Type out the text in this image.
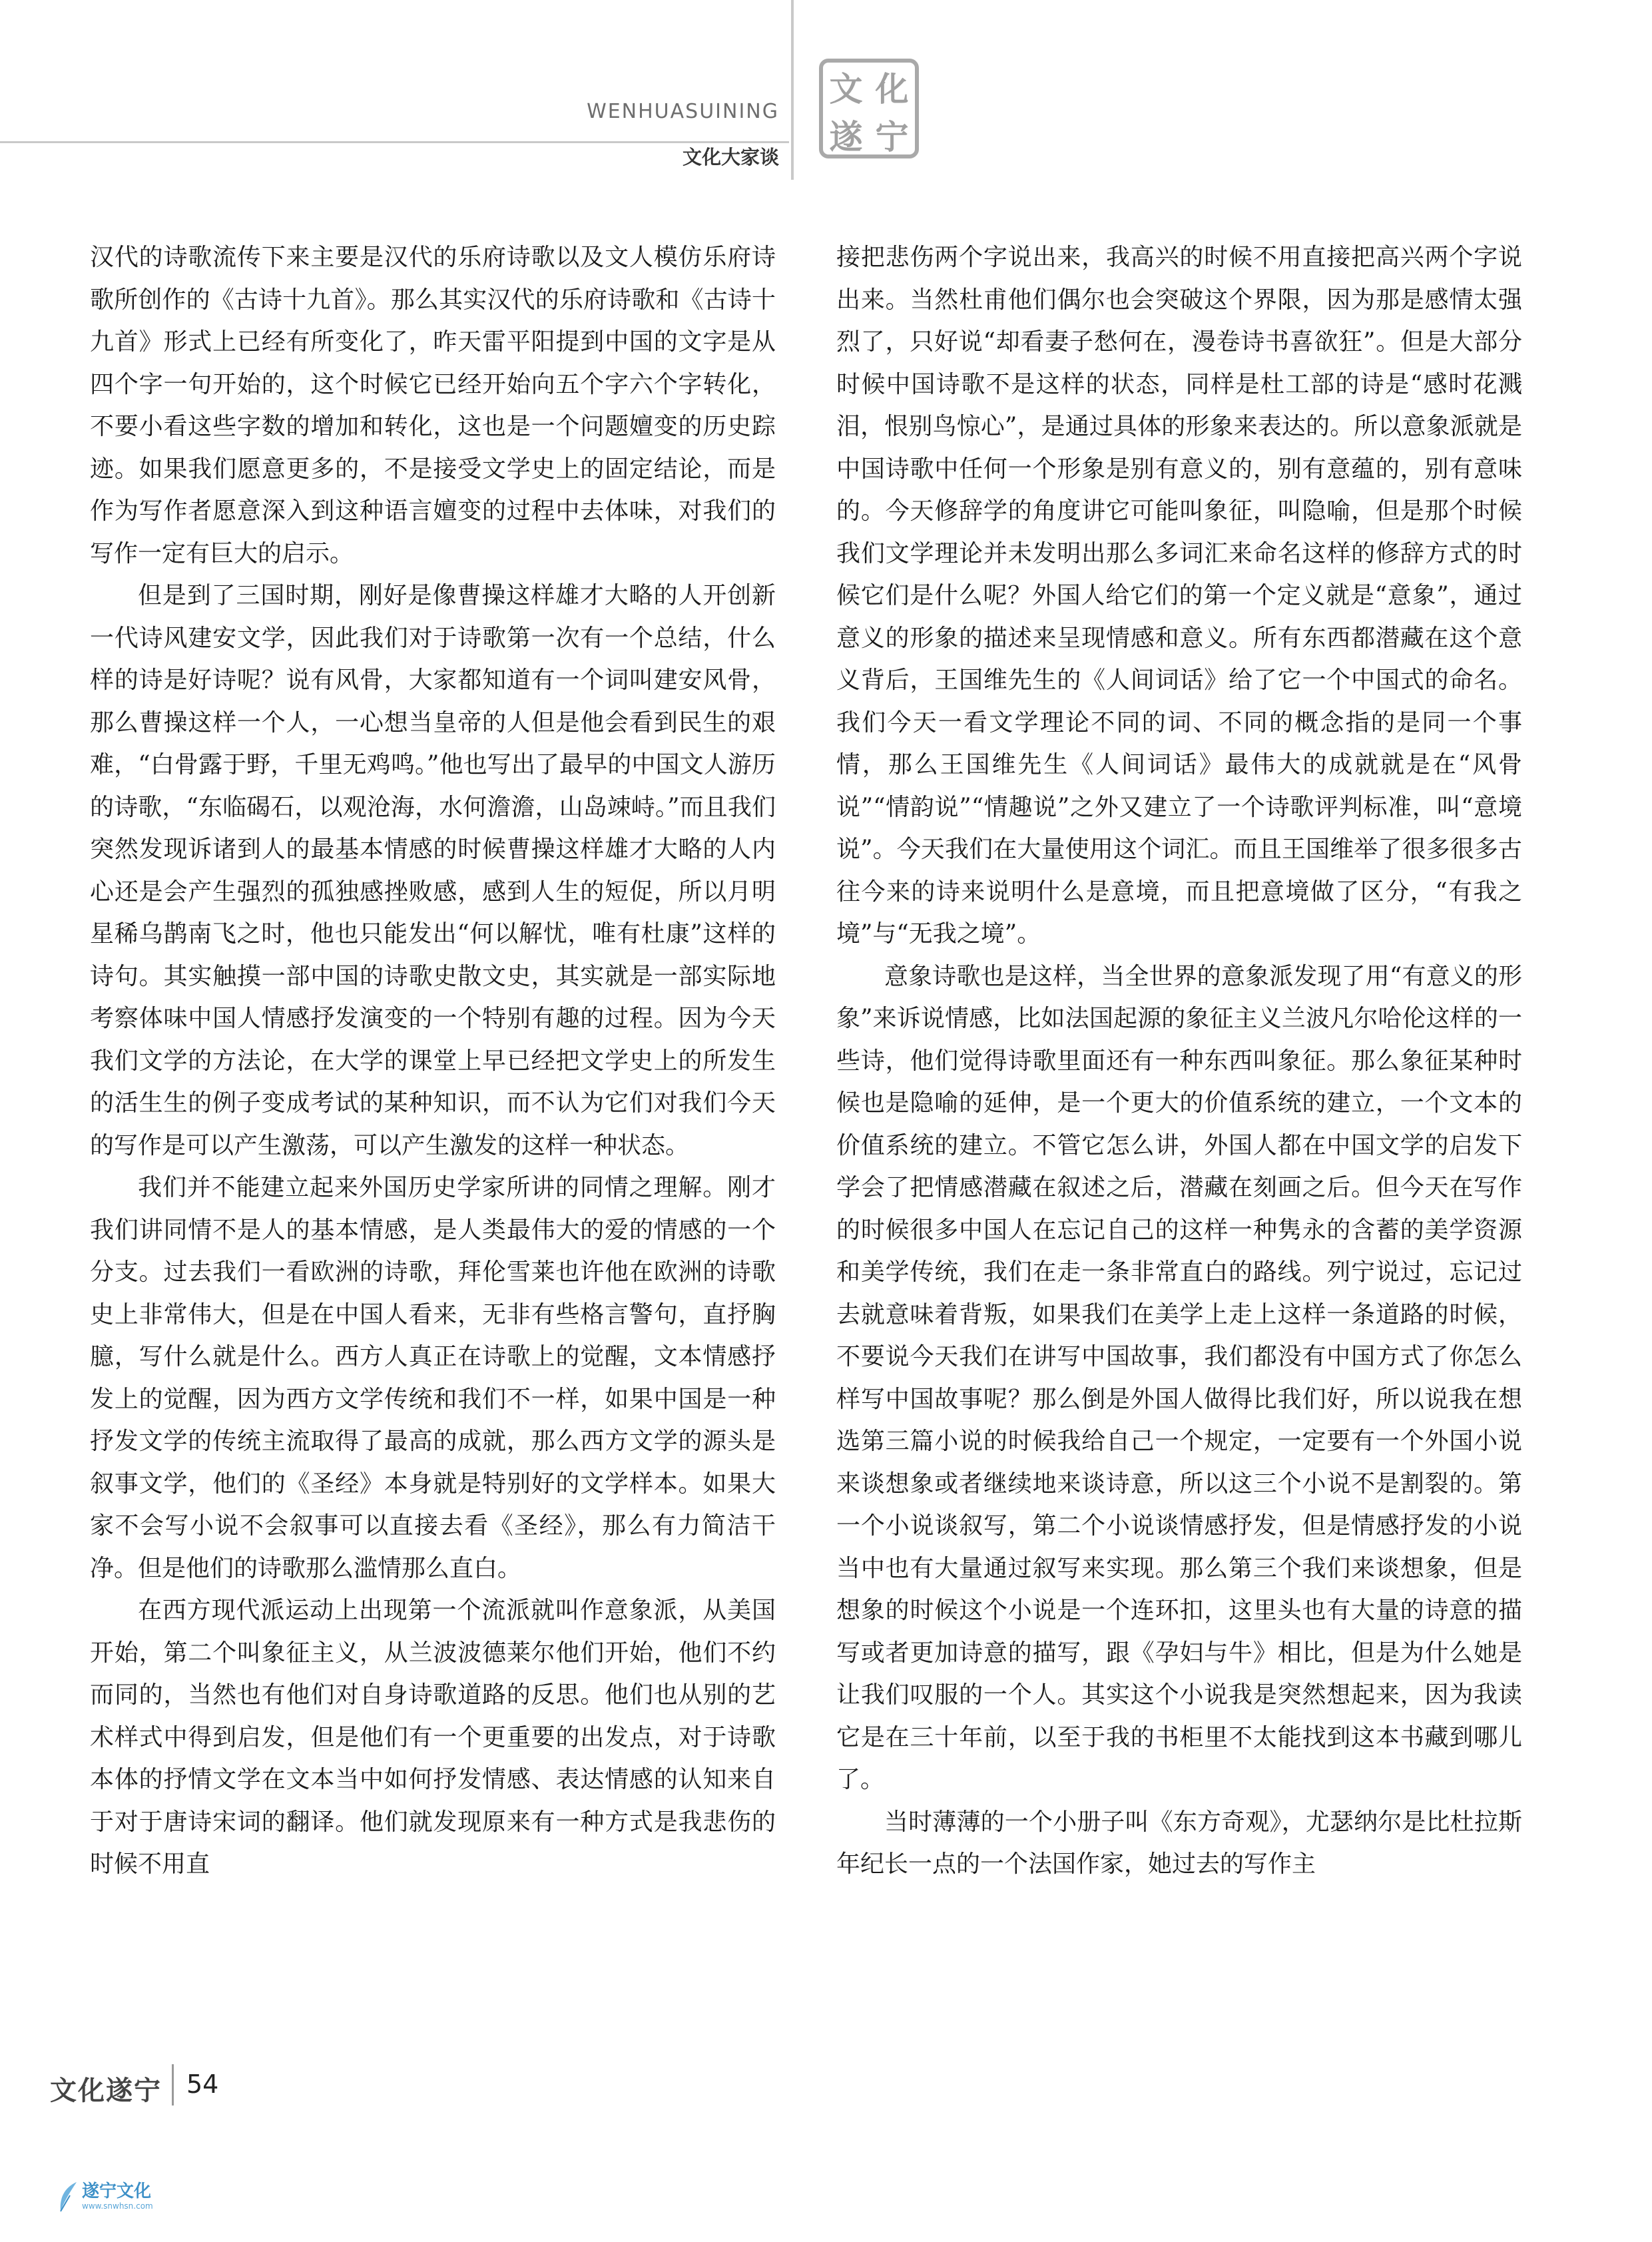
WENHUASUINING
文化大家谈
文 化
遂 宁

汉代的诗歌流传下来主要是汉代的乐府诗歌以及文人模仿乐府诗歌所创作的《古诗十九首》。那么其实汉代的乐府诗歌和《古诗十九首》形式上已经有所变化了，昨天雷平阳提到中国的文字是从四个字一句开始的，这个时候它已经开始向五个字六个字转化，不要小看这些字数的增加和转化，这也是一个问题嬗变的历史踪迹。如果我们愿意更多的，不是接受文学史上的固定结论，而是作为写作者愿意深入到这种语言嬗变的过程中去体味，对我们的写作一定有巨大的启示。

但是到了三国时期，刚好是像曹操这样雄才大略的人开创新一代诗风建安文学，因此我们对于诗歌第一次有一个总结，什么样的诗是好诗呢？说有风骨，大家都知道有一个词叫建安风骨，那么曹操这样一个人，一心想当皇帝的人但是他会看到民生的艰难，“白骨露于野，千里无鸡鸣。”他也写出了最早的中国文人游历的诗歌，“东临碣石，以观沧海，水何澹澹，山岛竦峙。”而且我们突然发现诉诸到人的最基本情感的时候曹操这样雄才大略的人内心还是会产生强烈的孤独感挫败感，感到人生的短促，所以月明星稀乌鹊南飞之时，他也只能发出“何以解忧，唯有杜康”这样的诗句。其实触摸一部中国的诗歌史散文史，其实就是一部实际地考察体味中国人情感抒发演变的一个特别有趣的过程。因为今天我们文学的方法论，在大学的课堂上早已经把文学史上的所发生的活生生的例子变成考试的某种知识，而不认为它们对我们今天的写作是可以产生激荡，可以产生激发的这样一种状态。

我们并不能建立起来外国历史学家所讲的同情之理解。刚才我们讲同情不是人的基本情感，是人类最伟大的爱的情感的一个分支。过去我们一看欧洲的诗歌，拜伦雪莱也许他在欧洲的诗歌史上非常伟大，但是在中国人看来，无非有些格言警句，直抒胸臆，写什么就是什么。西方人真正在诗歌上的觉醒，文本情感抒发上的觉醒，因为西方文学传统和我们不一样，如果中国是一种抒发文学的传统主流取得了最高的成就，那么西方文学的源头是叙事文学，他们的《圣经》本身就是特别好的文学样本。如果大家不会写小说不会叙事可以直接去看《圣经》，那么有力简洁干净。但是他们的诗歌那么滥情那么直白。

在西方现代派运动上出现第一个流派就叫作意象派，从美国开始，第二个叫象征主义，从兰波波德莱尔他们开始，他们不约而同的，当然也有他们对自身诗歌道路的反思。他们也从别的艺术样式中得到启发，但是他们有一个更重要的出发点，对于诗歌本体的抒情文学在文本当中如何抒发情感、表达情感的认知来自于对于唐诗宋词的翻译。他们就发现原来有一种方式是我悲伤的时候不用直

接把悲伤两个字说出来，我高兴的时候不用直接把高兴两个字说出来。当然杜甫他们偶尔也会突破这个界限，因为那是感情太强烈了，只好说“却看妻子愁何在，漫卷诗书喜欲狂”。但是大部分时候中国诗歌不是这样的状态，同样是杜工部的诗是“感时花溅泪，恨别鸟惊心”，是通过具体的形象来表达的。所以意象派就是中国诗歌中任何一个形象是别有意义的，别有意蕴的，别有意味的。今天修辞学的角度讲它可能叫象征，叫隐喻，但是那个时候我们文学理论并未发明出那么多词汇来命名这样的修辞方式的时候它们是什么呢？外国人给它们的第一个定义就是“意象”，通过意义的形象的描述来呈现情感和意义。所有东西都潜藏在这个意义背后，王国维先生的《人间词话》给了它一个中国式的命名。我们今天一看文学理论不同的词、不同的概念指的是同一个事情，那么王国维先生《人间词话》最伟大的成就就是在“风骨说”“情韵说”“情趣说”之外又建立了一个诗歌评判标准，叫“意境说”。今天我们在大量使用这个词汇。而且王国维举了很多很多古往今来的诗来说明什么是意境，而且把意境做了区分，“有我之境”与“无我之境”。

意象诗歌也是这样，当全世界的意象派发现了用“有意义的形象”来诉说情感，比如法国起源的象征主义兰波凡尔哈伦这样的一些诗，他们觉得诗歌里面还有一种东西叫象征。那么象征某种时候也是隐喻的延伸，是一个更大的价值系统的建立，一个文本的价值系统的建立。不管它怎么讲，外国人都在中国文学的启发下学会了把情感潜藏在叙述之后，潜藏在刻画之后。但今天在写作的时候很多中国人在忘记自己的这样一种隽永的含蓄的美学资源和美学传统，我们在走一条非常直白的路线。列宁说过，忘记过去就意味着背叛，如果我们在美学上走上这样一条道路的时候，不要说今天我们在讲写中国故事，我们都没有中国方式了你怎么样写中国故事呢？那么倒是外国人做得比我们好，所以说我在想选第三篇小说的时候我给自己一个规定，一定要有一个外国小说来谈想象或者继续地来谈诗意，所以这三个小说不是割裂的。第一个小说谈叙写，第二个小说谈情感抒发，但是情感抒发的小说当中也有大量通过叙写来实现。那么第三个我们来谈想象，但是想象的时候这个小说是一个连环扣，这里头也有大量的诗意的描写或者更加诗意的描写，跟《孕妇与牛》相比，但是为什么她是让我们叹服的一个人。其实这个小说我是突然想起来，因为我读它是在三十年前，以至于我的书柜里不太能找到这本书藏到哪儿了。

当时薄薄的一个小册子叫《东方奇观》，尤瑟纳尔是比杜拉斯年纪长一点的一个法国作家，她过去的写作主

文化遂宁 54
遂宁文化
www.snwhsn.com
